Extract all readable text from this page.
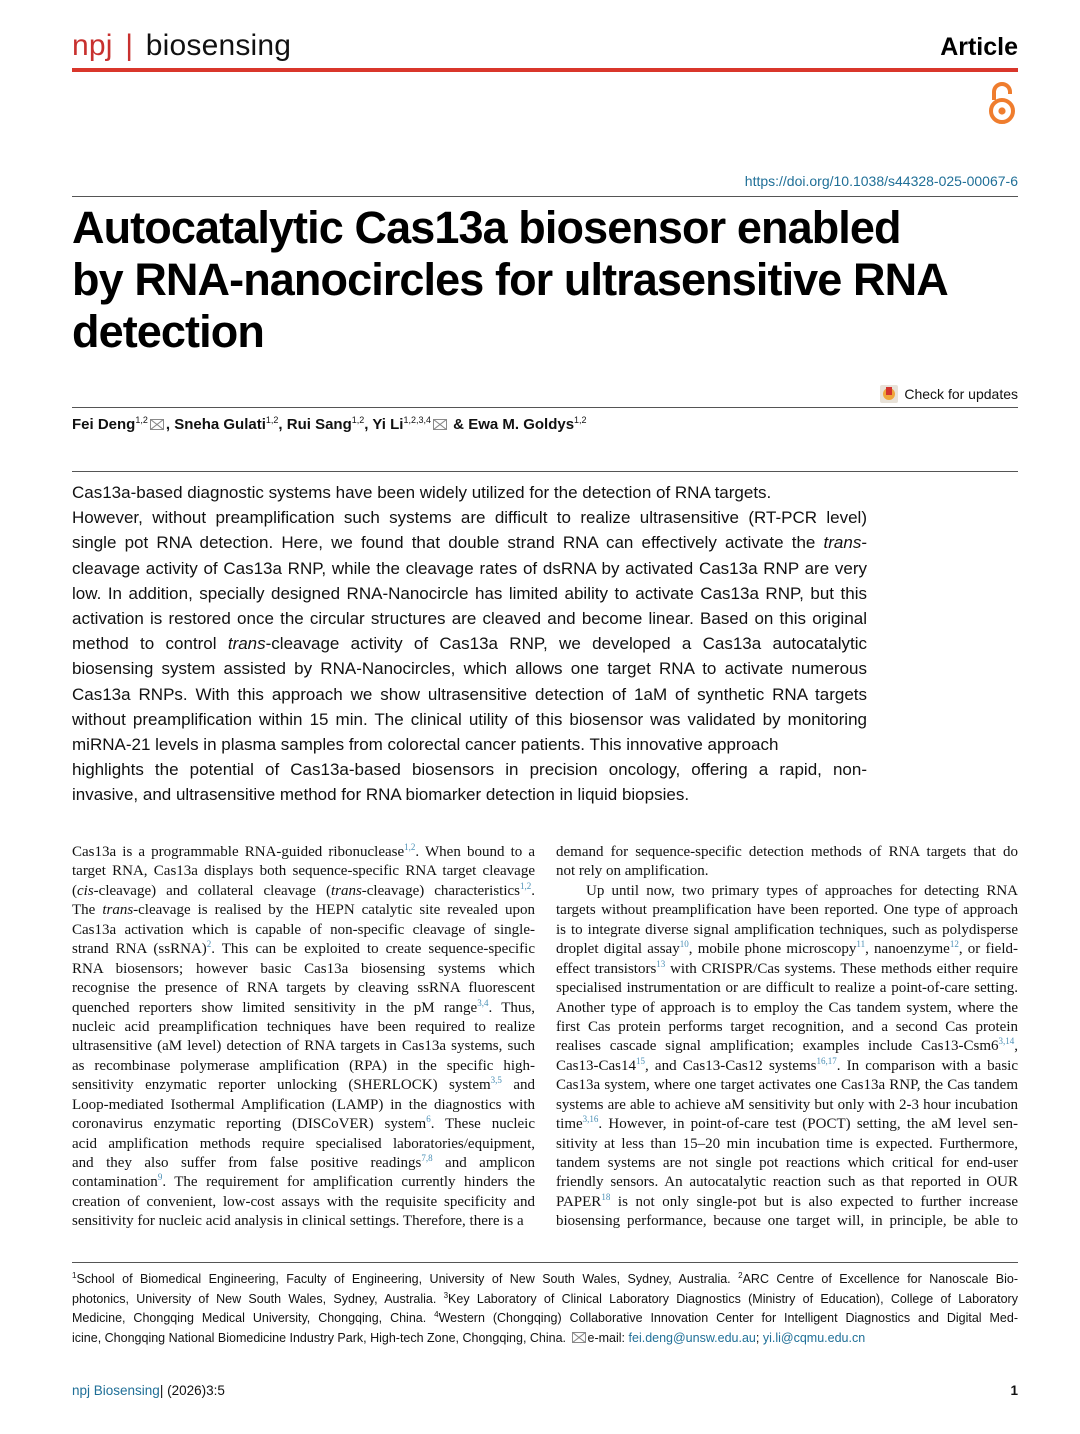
npj | biosensing	Article
https://doi.org/10.1038/s44328-025-00067-6
Autocatalytic Cas13a biosensor enabled
by RNA-nanocircles for ultrasensitive RNA
detection
Check for updates
Fei Deng$^{1,2}$ , Sneha Gulati$^{1,2}$, Rui Sang$^{1,2}$, Yi Li$^{1,2,3,4}$ & Ewa M. Goldys$^{1,2}$
Cas13a-based diagnostic systems have been widely utilized for the detection of RNA targets.
However, without preamplification such systems are difficult to realize ultrasensitive (RT-PCR level)
single pot RNA detection. Here, we found that double strand RNA can effectively activate the trans-
cleavage activity of Cas13a RNP, while the cleavage rates of dsRNA by activated Cas13a RNP are very
low. In addition, specially designed RNA-Nanocircle has limited ability to activate Cas13a RNP, but this
activation is restored once the circular structures are cleaved and become linear. Based on this original
method to control trans-cleavage activity of Cas13a RNP, we developed a Cas13a autocatalytic
biosensing system assisted by RNA-Nanocircles, which allows one target RNA to activate numerous
Cas13a RNPs. With this approach we show ultrasensitive detection of 1aM of synthetic RNA targets
without preamplification within 15 min. The clinical utility of this biosensor was validated by monitoring
miRNA-21 levels in plasma samples from colorectal cancer patients. This innovative approach
highlights the potential of Cas13a-based biosensors in precision oncology, offering a rapid, non-
invasive, and ultrasensitive method for RNA biomarker detection in liquid biopsies.
Cas13a is a programmable RNA-guided ribonuclease$^{1,2}$. When bound to a
target RNA, Cas13a displays both sequence-specific RNA target cleavage
(cis-cleavage) and collateral cleavage (trans-cleavage) characteristics$^{1,2}$.
The trans-cleavage is realised by the HEPN catalytic site revealed upon
Cas13a activation which is capable of non-specific cleavage of single-
strand RNA (ssRNA)$^2$. This can be exploited to create sequence-specific
RNA biosensors; however basic Cas13a biosensing systems which
recognise the presence of RNA targets by cleaving ssRNA fluorescent
quenched reporters show limited sensitivity in the pM range$^{3,4}$. Thus,
nucleic acid preamplification techniques have been required to realize
ultrasensitive (aM level) detection of RNA targets in Cas13a systems, such
as recombinase polymerase amplification (RPA) in the specific high-
sensitivity enzymatic reporter unlocking (SHERLOCK) system$^{3,5}$ and
Loop-mediated Isothermal Amplification (LAMP) in the diagnostics with
coronavirus enzymatic reporting (DISCoVER) system$^6$. These nucleic
acid amplification methods require specialised laboratories/equipment,
and they also suffer from false positive readings$^{7,8}$ and amplicon
contamination$^9$. The requirement for amplification currently hinders the
creation of convenient, low-cost assays with the requisite specificity and
sensitivity for nucleic acid analysis in clinical settings. Therefore, there is a
demand for sequence-specific detection methods of RNA targets that do
not rely on amplification.
Up until now, two primary types of approaches for detecting RNA
targets without preamplification have been reported. One type of approach
is to integrate diverse signal amplification techniques, such as polydisperse
droplet digital assay$^{10}$, mobile phone microscopy$^{11}$, nanoenzyme$^{12}$, or field-
effect transistors$^{13}$ with CRISPR/Cas systems. These methods either require
specialised instrumentation or are difficult to realize a point-of-care setting.
Another type of approach is to employ the Cas tandem system, where the
first Cas protein performs target recognition, and a second Cas protein
realises cascade signal amplification; examples include Cas13-Csm6$^{3,14}$,
$Cas13-Cas14^{15}$, and Cas13-Cas12 systems$^{16,17}$. In comparison with a basic
Cas13a system, where one target activates one Cas13a RNP, the Cas tandem
systems are able to achieve aM sensitivity but only with 2-3 hour incubation
time$^{3,16}$. However, in point-of-care test (POCT) setting, the aM level sen-
sitivity at less than 15–20 min incubation time is expected. Furthermore,
tandem systems are not single pot reactions which critical for end-user
friendly sensors. An autocatalytic reaction such as that reported in OUR
PAPER$^{18}$ is not only single-pot but is also expected to further increase
biosensing performance, because one target will, in principle, be able to
$^1$School of Biomedical Engineering, Faculty of Engineering, University of New South Wales, Sydney, Australia. $^2$ARC Centre of Excellence for Nanoscale Bio-
photonics, University of New South Wales, Sydney, Australia. $^3$Key Laboratory of Clinical Laboratory Diagnostics (Ministry of Education), College of Laboratory
Medicine, Chongqing Medical University, Chongqing, China. $^4$Western (Chongqing) Collaborative Innovation Center for Intelligent Diagnostics and Digital Med-
icine, Chongqing National Biomedicine Industry Park, High-tech Zone, Chongqing, China. e-mail: fei.deng@unsw.edu.au; yi.li@cqmu.edu.cn
npj Biosensing| (2026)3:5	1
